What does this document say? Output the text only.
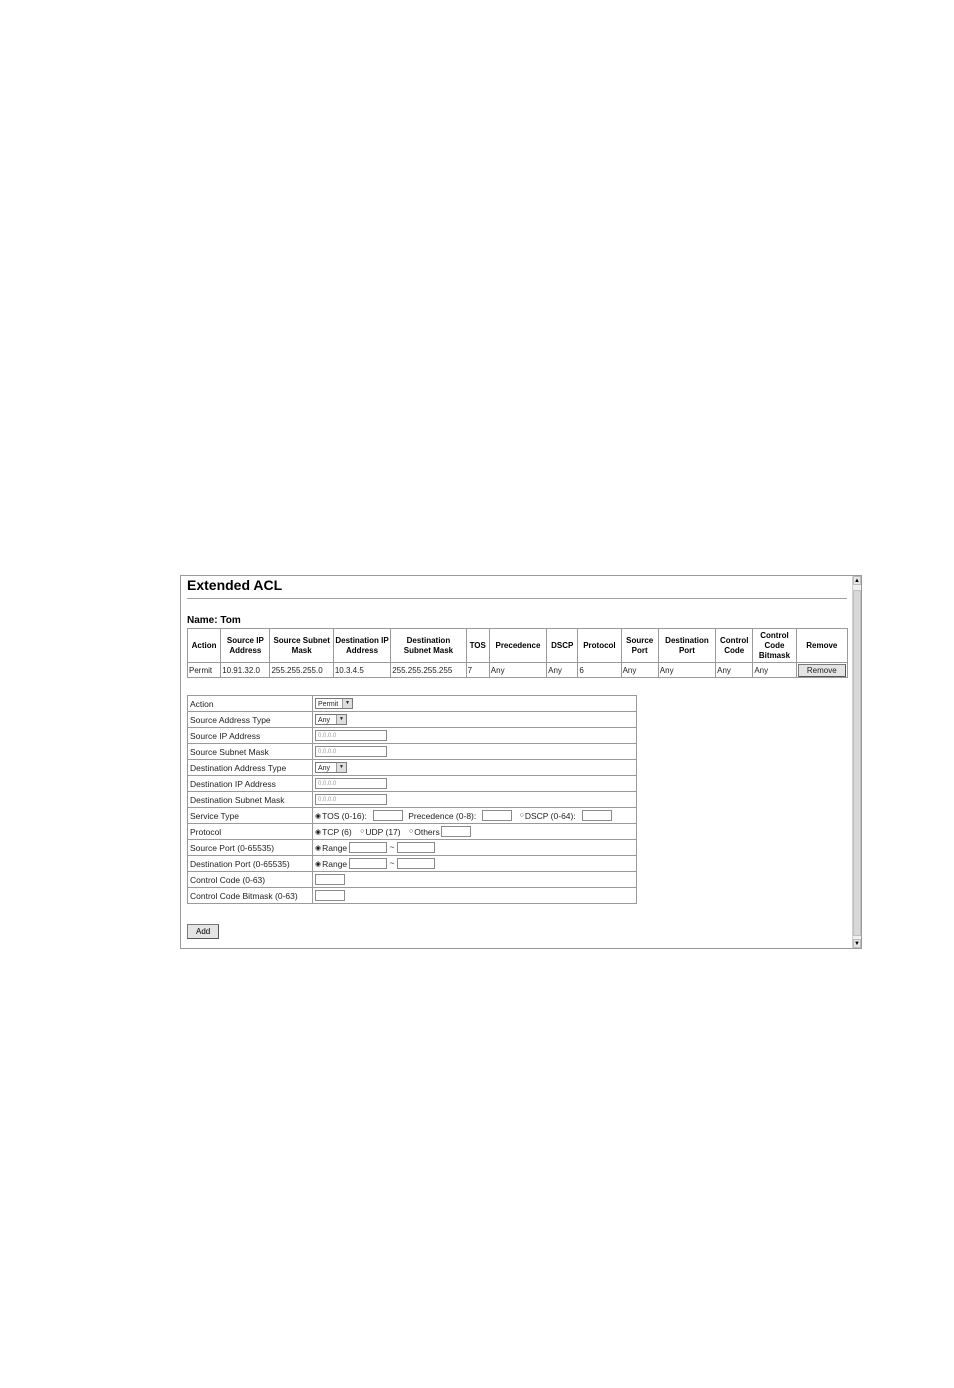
Extended ACL
Name: Tom
Action	Source IP Address	Source Subnet Mask	Destination IP Address	Destination Subnet Mask	TOS	Precedence	DSCP	Protocol	Source Port	Destination Port	Control Code	Control Code Bitmask	Remove
Permit	10.91.32.0	255.255.255.0	10.3.4.5	255.255.255.255	7	Any	Any	6	Any	Any	Any	Any	Remove
Action	Permit ▼

Source Address Type	Any ▼

Source IP Address	0.0.0.0
Source Subnet Mask	0.0.0.0
Destination Address Type	Any ▼

Destination IP Address	0.0.0.0
Destination Subnet Mask	0.0.0.0
Service Type	◉TOS (0-16): Precedence (0-8): ○DSCP (0-64):
Protocol	◉TCP (6) ○UDP (17) ○Others
Source Port (0-65535)	◉Range ~
Destination Port (0-65535)	◉Range ~
Control Code (0-63)	
Control Code Bitmask (0-63)	
Add
▲
▼
